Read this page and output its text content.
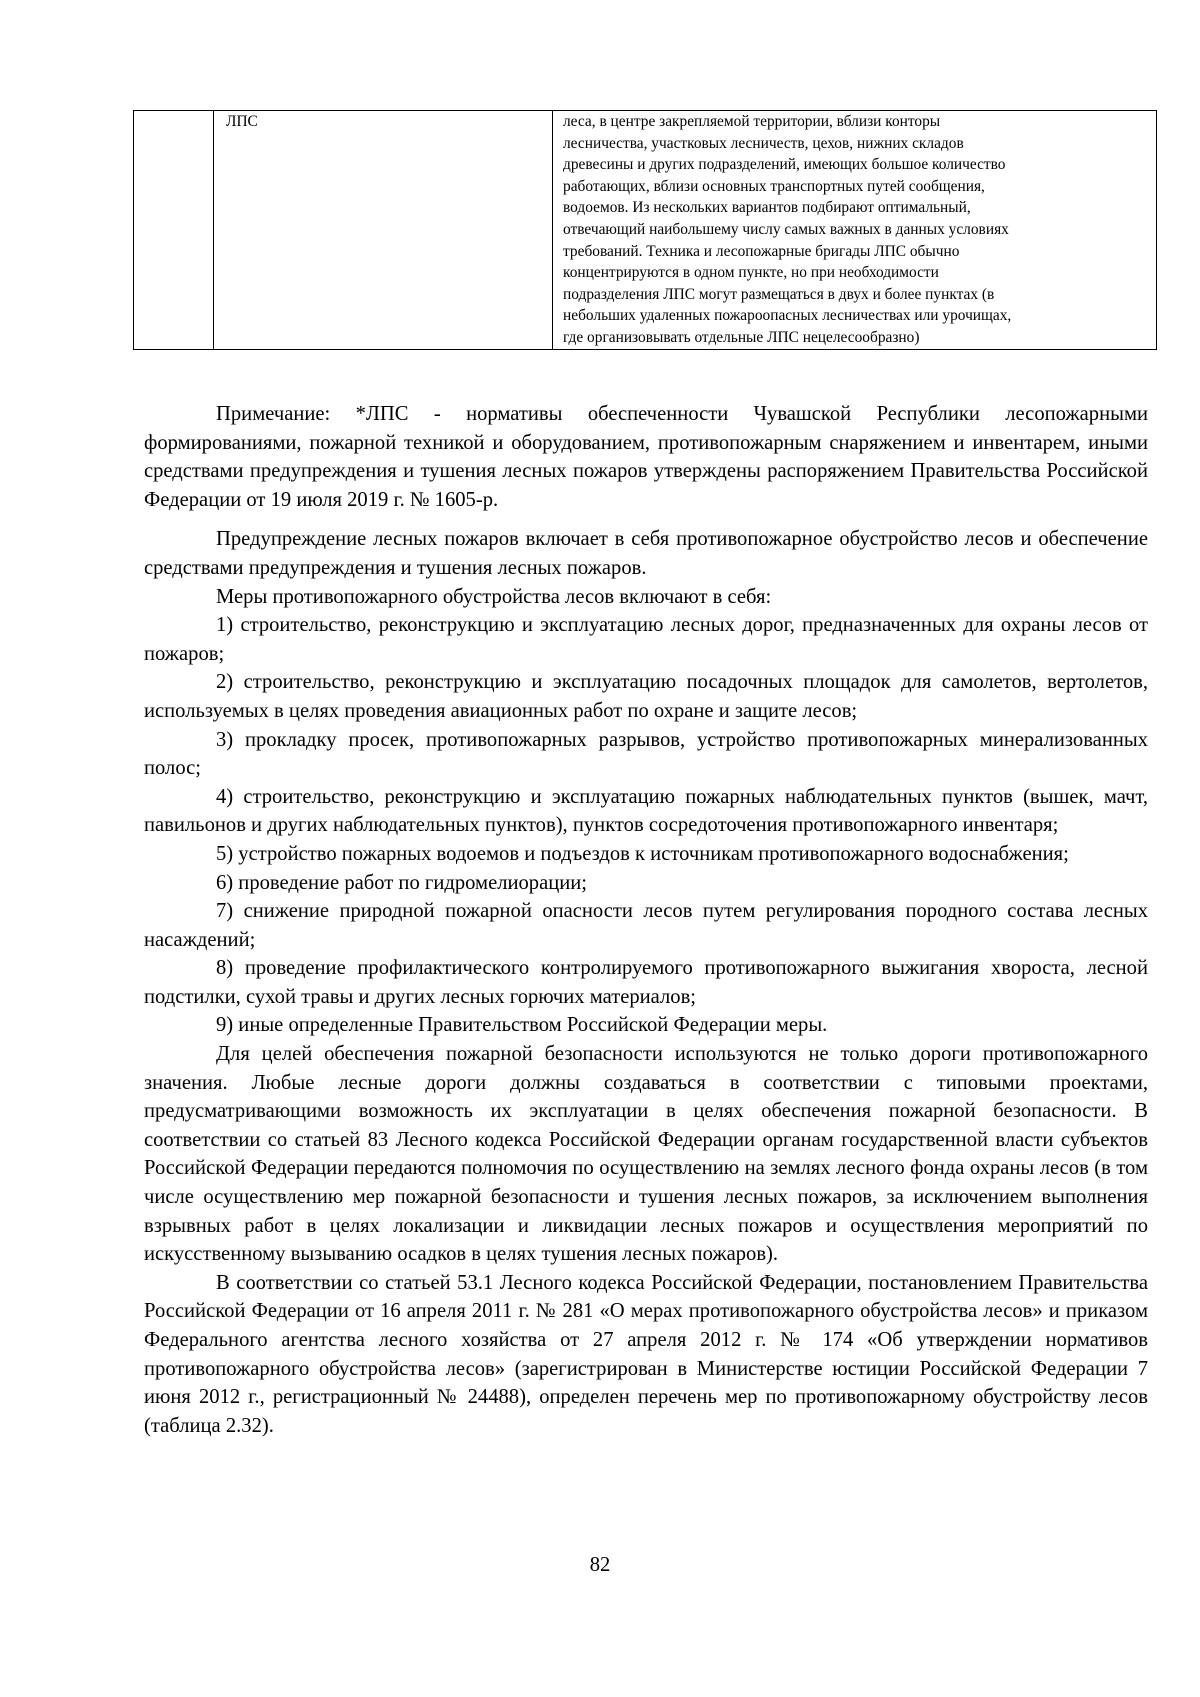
	ЛПС	леса, в центре закрепляемой территории, вблизи конторы
лесничества, участковых лесничеств, цехов, нижних складов
древесины и других подразделений, имеющих большое количество
работающих, вблизи основных транспортных путей сообщения,
водоемов. Из нескольких вариантов подбирают оптимальный,
отвечающий наибольшему числу самых важных в данных условиях
требований. Техника и лесопожарные бригады ЛПС обычно
концентрируются в одном пункте, но при необходимости
подразделения ЛПС могут размещаться в двух и более пунктах (в
небольших удаленных пожароопасных лесничествах или урочищах,
где организовывать отдельные ЛПС нецелесообразно)

Примечание: *ЛПС - нормативы обеспеченности Чувашской Республики лесопожарными формированиями, пожарной техникой и оборудованием, противопожарным снаряжением и инвентарем, иными средствами предупреждения и тушения лесных пожаров утверждены распоряжением Правительства Российской Федерации от 19 июля 2019 г. № 1605-р.

Предупреждение лесных пожаров включает в себя противопожарное обустройство лесов и обеспечение средствами предупреждения и тушения лесных пожаров.

Меры противопожарного обустройства лесов включают в себя:

1) строительство, реконструкцию и эксплуатацию лесных дорог, предназначенных для охраны лесов от пожаров;

2) строительство, реконструкцию и эксплуатацию посадочных площадок для самолетов, вертолетов, используемых в целях проведения авиационных работ по охране и защите лесов;

3) прокладку просек, противопожарных разрывов, устройство противопожарных минерализованных полос;

4) строительство, реконструкцию и эксплуатацию пожарных наблюдательных пунктов (вышек, мачт, павильонов и других наблюдательных пунктов), пунктов сосредоточения противопожарного инвентаря;

5) устройство пожарных водоемов и подъездов к источникам противопожарного водоснабжения;

6) проведение работ по гидромелиорации;

7) снижение природной пожарной опасности лесов путем регулирования породного состава лесных насаждений;

8) проведение профилактического контролируемого противопожарного выжигания хвороста, лесной подстилки, сухой травы и других лесных горючих материалов;

9) иные определенные Правительством Российской Федерации меры.

Для целей обеспечения пожарной безопасности используются не только дороги противопожарного значения. Любые лесные дороги должны создаваться в соответствии с типовыми проектами, предусматривающими возможность их эксплуатации в целях обеспечения пожарной безопасности. В соответствии со статьей 83 Лесного кодекса Российской Федерации органам государственной власти субъектов Российской Федерации передаются полномочия по осуществлению на землях лесного фонда охраны лесов (в том числе осуществлению мер пожарной безопасности и тушения лесных пожаров, за исключением выполнения взрывных работ в целях локализации и ликвидации лесных пожаров и осуществления мероприятий по искусственному вызыванию осадков в целях тушения лесных пожаров).

В соответствии со статьей 53.1 Лесного кодекса Российской Федерации, постановлением Правительства Российской Федерации от 16 апреля 2011 г. № 281 «О мерах противопожарного обустройства лесов» и приказом Федерального агентства лесного хозяйства от 27 апреля 2012 г. № 174 «Об утверждении нормативов противопожарного обустройства лесов» (зарегистрирован в Министерстве юстиции Российской Федерации 7 июня 2012 г., регистрационный № 24488), определен перечень мер по противопожарному обустройству лесов (таблица 2.32).

82
